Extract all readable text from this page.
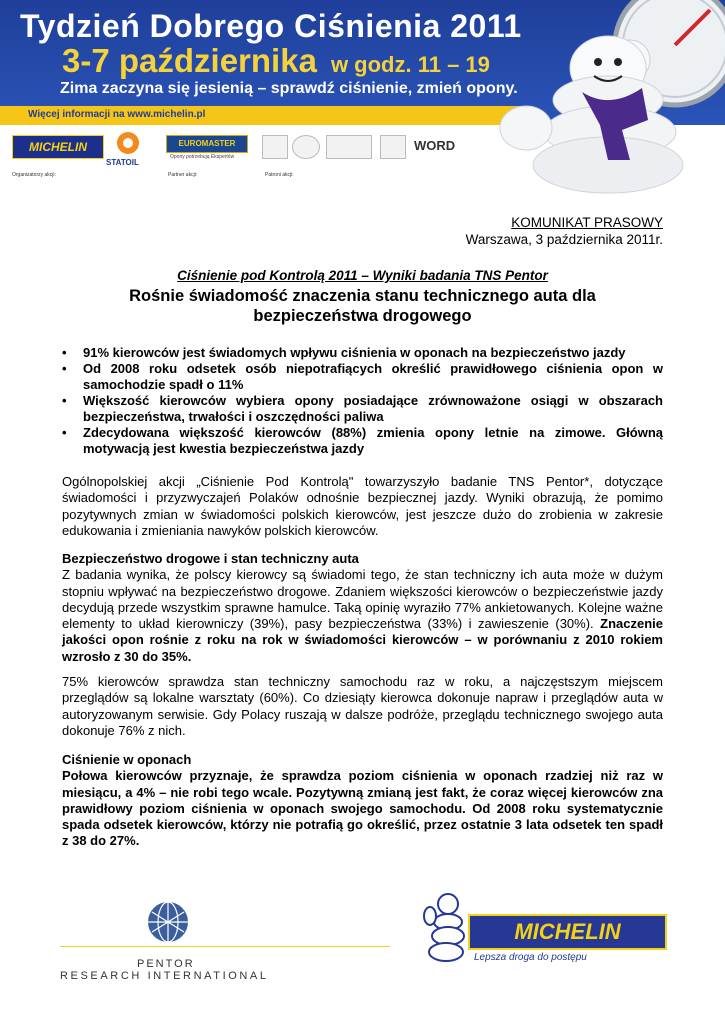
Tydzień Dobrego Ciśnienia 2011
3-7 października w godz. 11 – 19
Zima zaczyna się jesienią – sprawdź ciśnienie, zmień opony.
Więcej informacji na www.michelin.pl
MICHELIN
STATOIL
EUROMASTER
Opony potrzebują Ekspertów
WORD
Organizatorzy akcji:	Partner akcji:	Patroni akcji:
KOMUNIKAT PRASOWY
Warszawa, 3 października 2011r.
Ciśnienie pod Kontrolą 2011 – Wyniki badania TNS Pentor
Rośnie świadomość znaczenia stanu technicznego auta dla bezpieczeństwa drogowego
• 91% kierowców jest świadomych wpływu ciśnienia w oponach na bezpieczeństwo jazdy
• Od 2008 roku odsetek osób niepotrafiących określić prawidłowego ciśnienia opon w samochodzie spadł o 11%
• Większość kierowców wybiera opony posiadające zrównoważone osiągi w obszarach bezpieczeństwa, trwałości i oszczędności paliwa
• Zdecydowana większość kierowców (88%) zmienia opony letnie na zimowe. Główną motywacją jest kwestia bezpieczeństwa jazdy

Ogólnopolskiej akcji „Ciśnienie Pod Kontrolą" towarzyszyło badanie TNS Pentor*, dotyczące świadomości i przyzwyczajeń Polaków odnośnie bezpiecznej jazdy. Wyniki obrazują, że pomimo pozytywnych zmian w świadomości polskich kierowców, jest jeszcze dużo do zrobienia w zakresie edukowania i zmieniania nawyków polskich kierowców.

Bezpieczeństwo drogowe i stan techniczny auta
Z badania wynika, że polscy kierowcy są świadomi tego, że stan techniczny ich auta może w dużym stopniu wpływać na bezpieczeństwo drogowe. Zdaniem większości kierowców o bezpieczeństwie jazdy decydują przede wszystkim sprawne hamulce. Taką opinię wyraziło 77% ankietowanych. Kolejne ważne elementy to układ kierowniczy (39%), pasy bezpieczeństwa (33%) i zawieszenie (30%). Znaczenie jakości opon rośnie z roku na rok w świadomości kierowców – w porównaniu z 2010 rokiem wzrosło z 30 do 35%.

75% kierowców sprawdza stan techniczny samochodu raz w roku, a najczęstszym miejscem przeglądów są lokalne warsztaty (60%). Co dziesiąty kierowca dokonuje napraw i przeglądów auta w autoryzowanym serwisie. Gdy Polacy ruszają w dalsze podróże, przeglądu technicznego swojego auta dokonuje 76% z nich.

Ciśnienie w oponach
Połowa kierowców przyznaje, że sprawdza poziom ciśnienia w oponach rzadziej niż raz w miesiącu, a 4% – nie robi tego wcale. Pozytywną zmianą jest fakt, że coraz więcej kierowców zna prawidłowy poziom ciśnienia w oponach swojego samochodu. Od 2008 roku systematycznie spada odsetek kierowców, którzy nie potrafią go określić, przez ostatnie 3 lata odsetek ten spadł z 38 do 27%.

PENTOR
RESEARCH INTERNATIONAL
MICHELIN
Lepsza droga do postępu
